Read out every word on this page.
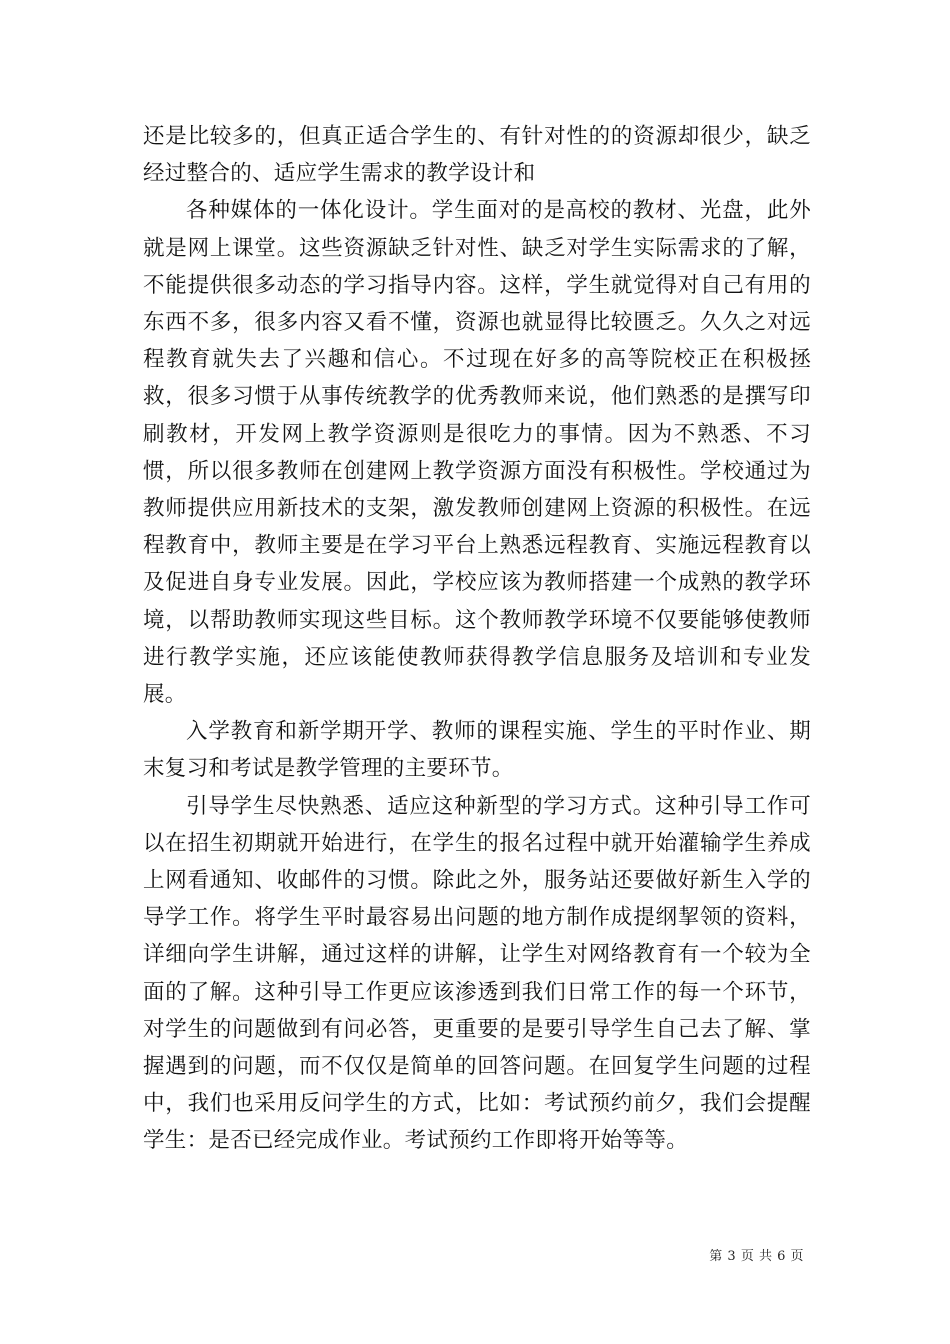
还是比较多的，但真正适合学生的、有针对性的的资源却很少，缺乏经过整合的、适应学生需求的教学设计和

各种媒体的一体化设计。学生面对的是高校的教材、光盘，此外就是网上课堂。这些资源缺乏针对性、缺乏对学生实际需求的了解，不能提供很多动态的学习指导内容。这样，学生就觉得对自己有用的东西不多，很多内容又看不懂，资源也就显得比较匮乏。久久之对远程教育就失去了兴趣和信心。不过现在好多的高等院校正在积极拯救，很多习惯于从事传统教学的优秀教师来说，他们熟悉的是撰写印刷教材，开发网上教学资源则是很吃力的事情。因为不熟悉、不习惯，所以很多教师在创建网上教学资源方面没有积极性。学校通过为教师提供应用新技术的支架，激发教师创建网上资源的积极性。在远程教育中，教师主要是在学习平台上熟悉远程教育、实施远程教育以及促进自身专业发展。因此，学校应该为教师搭建一个成熟的教学环境，以帮助教师实现这些目标。这个教师教学环境不仅要能够使教师进行教学实施，还应该能使教师获得教学信息服务及培训和专业发展。

入学教育和新学期开学、教师的课程实施、学生的平时作业、期末复习和考试是教学管理的主要环节。

引导学生尽快熟悉、适应这种新型的学习方式。这种引导工作可以在招生初期就开始进行，在学生的报名过程中就开始灌输学生养成上网看通知、收邮件的习惯。除此之外，服务站还要做好新生入学的导学工作。将学生平时最容易出问题的地方制作成提纲挈领的资料，详细向学生讲解，通过这样的讲解，让学生对网络教育有一个较为全面的了解。这种引导工作更应该渗透到我们日常工作的每一个环节，对学生的问题做到有问必答，更重要的是要引导学生自己去了解、掌握遇到的问题，而不仅仅是简单的回答问题。在回复学生问题的过程中，我们也采用反问学生的方式，比如：考试预约前夕，我们会提醒学生：是否已经完成作业。考试预约工作即将开始等等。

第 3 页 共 6 页
